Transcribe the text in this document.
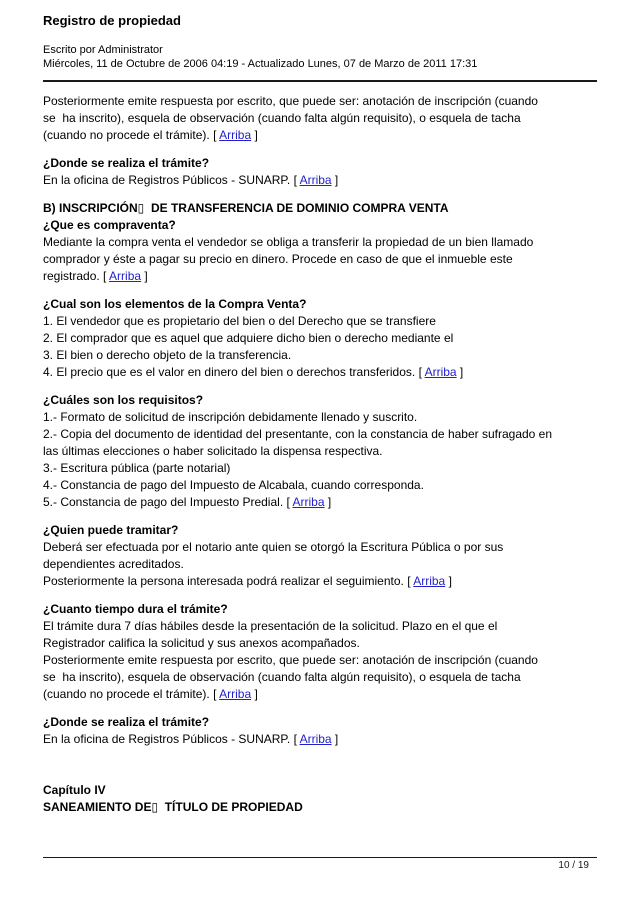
Registro de propiedad
Escrito por Administrator
Miércoles, 11 de Octubre de 2006 04:19 - Actualizado Lunes, 07 de Marzo de 2011 17:31
Posteriormente emite respuesta por escrito, que puede ser: anotación de inscripción (cuando
se  ha inscrito), esquela de observación (cuando falta algún requisito), o esquela de tacha
(cuando no procede el trámite). [ Arriba ]
¿Donde se realiza el trámite?
En la oficina de Registros Públicos - SUNARP. [ Arriba ]
B) INSCRIPCIÓN▯  DE TRANSFERENCIA DE DOMINIO COMPRA VENTA
¿Que es compraventa?
Mediante la compra venta el vendedor se obliga a transferir la propiedad de un bien llamado
comprador y éste a pagar su precio en dinero. Procede en caso de que el inmueble este
registrado. [ Arriba ]
¿Cual son los elementos de la Compra Venta?
1. El vendedor que es propietario del bien o del Derecho que se transfiere
2. El comprador que es aquel que adquiere dicho bien o derecho mediante el
3. El bien o derecho objeto de la transferencia.
4. El precio que es el valor en dinero del bien o derechos transferidos. [ Arriba ]
¿Cuáles son los requisitos?
1.- Formato de solicitud de inscripción debidamente llenado y suscrito.
2.- Copia del documento de identidad del presentante, con la constancia de haber sufragado en
las últimas elecciones o haber solicitado la dispensa respectiva.
3.- Escritura pública (parte notarial)
4.- Constancia de pago del Impuesto de Alcabala, cuando corresponda.
5.- Constancia de pago del Impuesto Predial. [ Arriba ]
¿Quien puede tramitar?
Deberá ser efectuada por el notario ante quien se otorgó la Escritura Pública o por sus
dependientes acreditados.
Posteriormente la persona interesada podrá realizar el seguimiento. [ Arriba ]
¿Cuanto tiempo dura el trámite?
El trámite dura 7 días hábiles desde la presentación de la solicitud. Plazo en el que el
Registrador califica la solicitud y sus anexos acompañados.
Posteriormente emite respuesta por escrito, que puede ser: anotación de inscripción (cuando
se  ha inscrito), esquela de observación (cuando falta algún requisito), o esquela de tacha
(cuando no procede el trámite). [ Arriba ]
¿Donde se realiza el trámite?
En la oficina de Registros Públicos - SUNARP. [ Arriba ]
Capítulo IV
SANEAMIENTO DE▯  TÍTULO DE PROPIEDAD
10 / 19
